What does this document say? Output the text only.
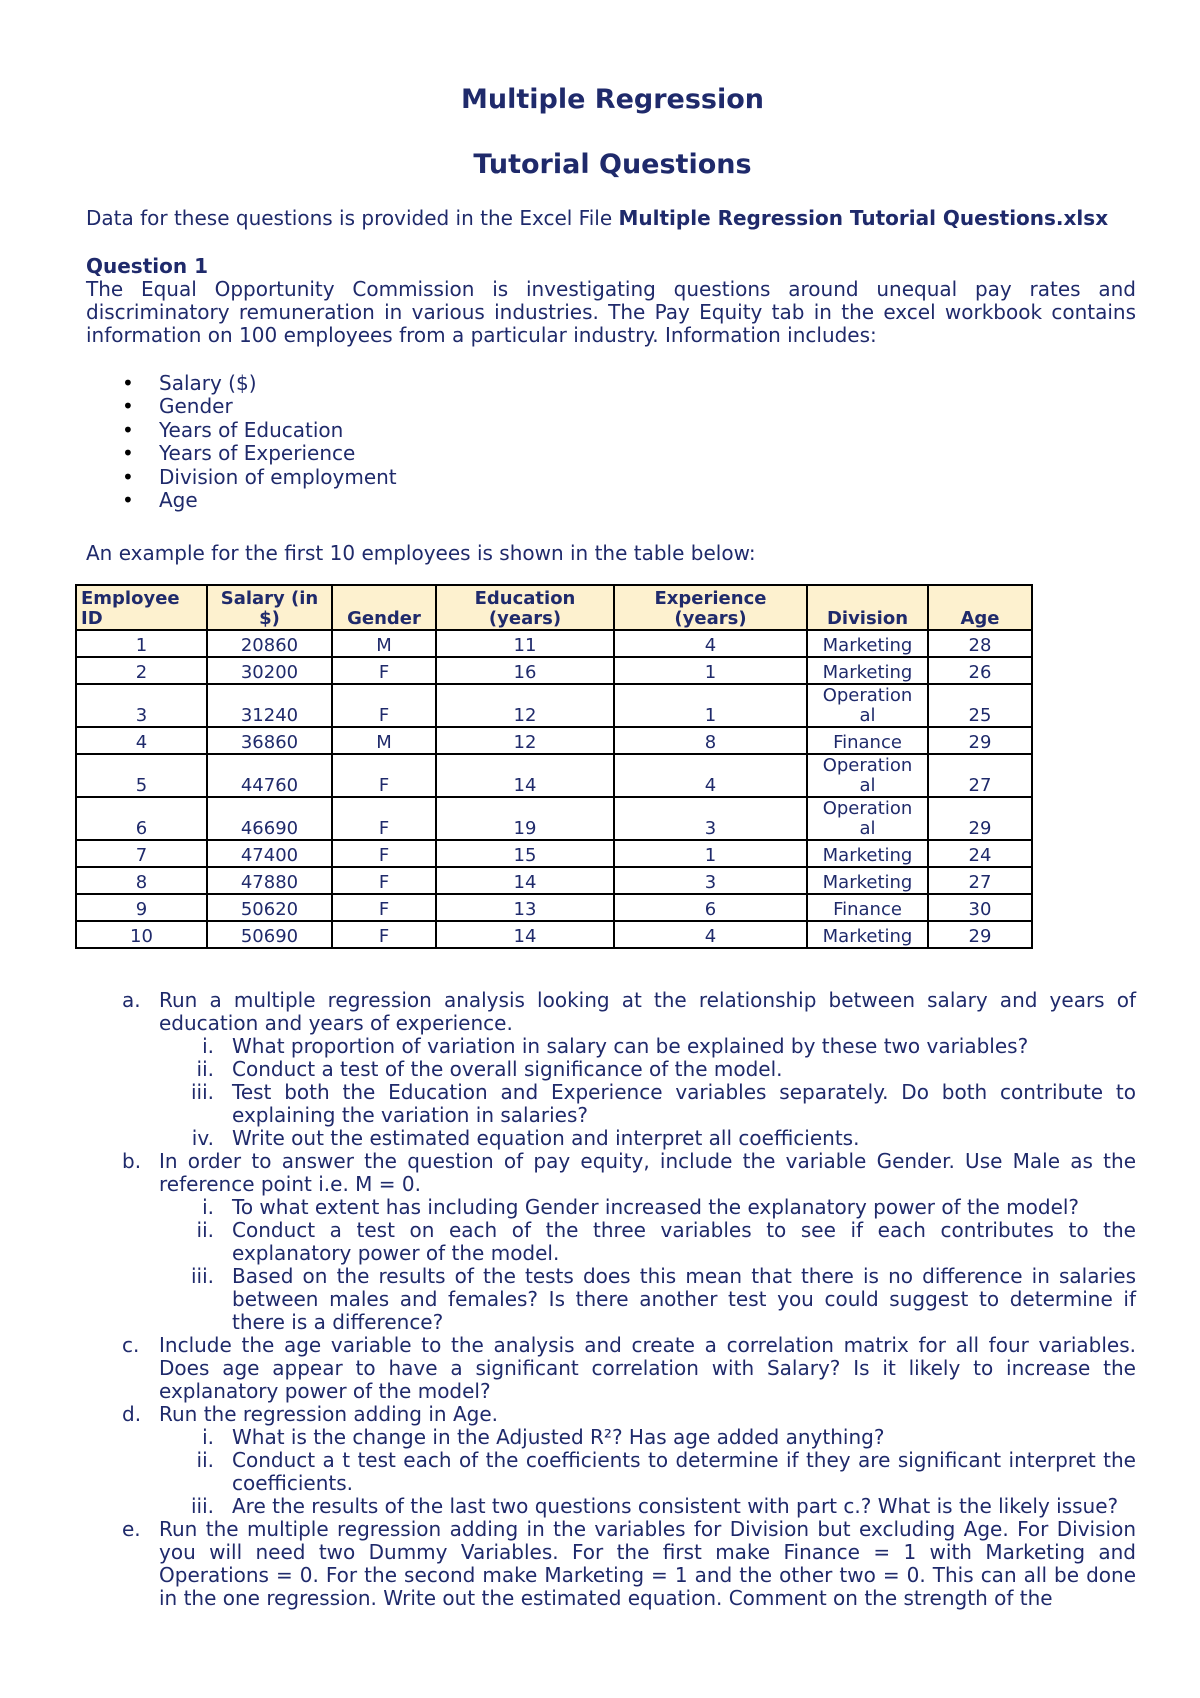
Multiple Regression
Tutorial Questions

Data for these questions is provided in the Excel File Multiple Regression Tutorial Questions.xlsx

Question 1

The Equal Opportunity Commission is investigating questions around unequal pay rates and discriminatory remuneration in various industries. The Pay Equity tab in the excel workbook contains information on 100 employees from a particular industry. Information includes:

• Salary ($)
• Gender
• Years of Education
• Years of Experience
• Division of employment
• Age

An example for the first 10 employees is shown in the table below:

Employee ID	Salary (in $)	Gender	Education (years)	Experience (years)	Division	Age
1	20860	M	11	4	Marketing	28
2	30200	F	16	1	Marketing	26
3	31240	F	12	1	Operation al	25
4	36860	M	12	8	Finance	29
5	44760	F	14	4	Operation al	27
6	46690	F	19	3	Operation al	29
7	47400	F	15	1	Marketing	24
8	47880	F	14	3	Marketing	27
9	50620	F	13	6	Finance	30
10	50690	F	14	4	Marketing	29
a. Run a multiple regression analysis looking at the relationship between salary and years of education and years of experience.
i. What proportion of variation in salary can be explained by these two variables?
ii. Conduct a test of the overall significance of the model.
iii. Test both the Education and Experience variables separately. Do both contribute to explaining the variation in salaries?
iv. Write out the estimated equation and interpret all coefficients.
b. In order to answer the question of pay equity, include the variable Gender. Use Male as the reference point i.e. M = 0.
i. To what extent has including Gender increased the explanatory power of the model?
ii. Conduct a test on each of the three variables to see if each contributes to the explanatory power of the model.
iii. Based on the results of the tests does this mean that there is no difference in salaries between males and females? Is there another test you could suggest to determine if there is a difference?
c. Include the age variable to the analysis and create a correlation matrix for all four variables. Does age appear to have a significant correlation with Salary? Is it likely to increase the explanatory power of the model?
d. Run the regression adding in Age.
i. What is the change in the Adjusted R²? Has age added anything?
ii. Conduct a t test each of the coefficients to determine if they are significant interpret the coefficients.
iii. Are the results of the last two questions consistent with part c.? What is the likely issue?
e. Run the multiple regression adding in the variables for Division but excluding Age. For Division you will need two Dummy Variables. For the first make Finance = 1 with Marketing and Operations = 0. For the second make Marketing = 1 and the other two = 0. This can all be done in the one regression. Write out the estimated equation. Comment on the strength of the
